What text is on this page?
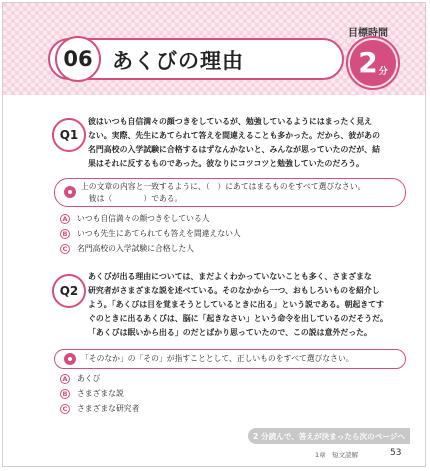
06 あくびの理由
目標時間
2 分
Q1
彼はいつも自信満々の顔つきをしているが、勉強しているようにはまったく見え
ない。実際、先生にあてられて答えを間違えることも多かった。だから、彼があの
名門高校の入学試験に合格するはずなんかないと、みんなが思っていたのだが、結
果はそれに反するものであった。彼なりにコツコツと勉強していたのだろう。
上の文章の内容と一致するように、（　）にあてはまるものをすべて選びなさい。
　彼は（　　　　）である。
A	いつも自信満々の顔つきをしている人
B	いつも先生にあてられても答えを間違えない人
C	名門高校の入学試験に合格した人
Q2
あくびが出る理由については、まだよくわかっていないことも多く、さまざまな
研究者がさまざまな説を述べている。そのなかから一つ、おもしろいものを紹介し
よう。「あくびは目を覚まそうとしているときに出る」という説である。朝起きてす
ぐのときに出るあくびは、脳に「起きなさい」という命令を出しているのだそうだ。
「あくびは眠いから出る」のだとばかり思っていたので、この説は意外だった。
「そのなか」の「その」が指すこととして、正しいものをすべて選びなさい。
A	あくび
B	さまざまな説
C	さまざまな研究者
2 分読んで、答えが決まったら次のページへ
1章　短文読解	53
